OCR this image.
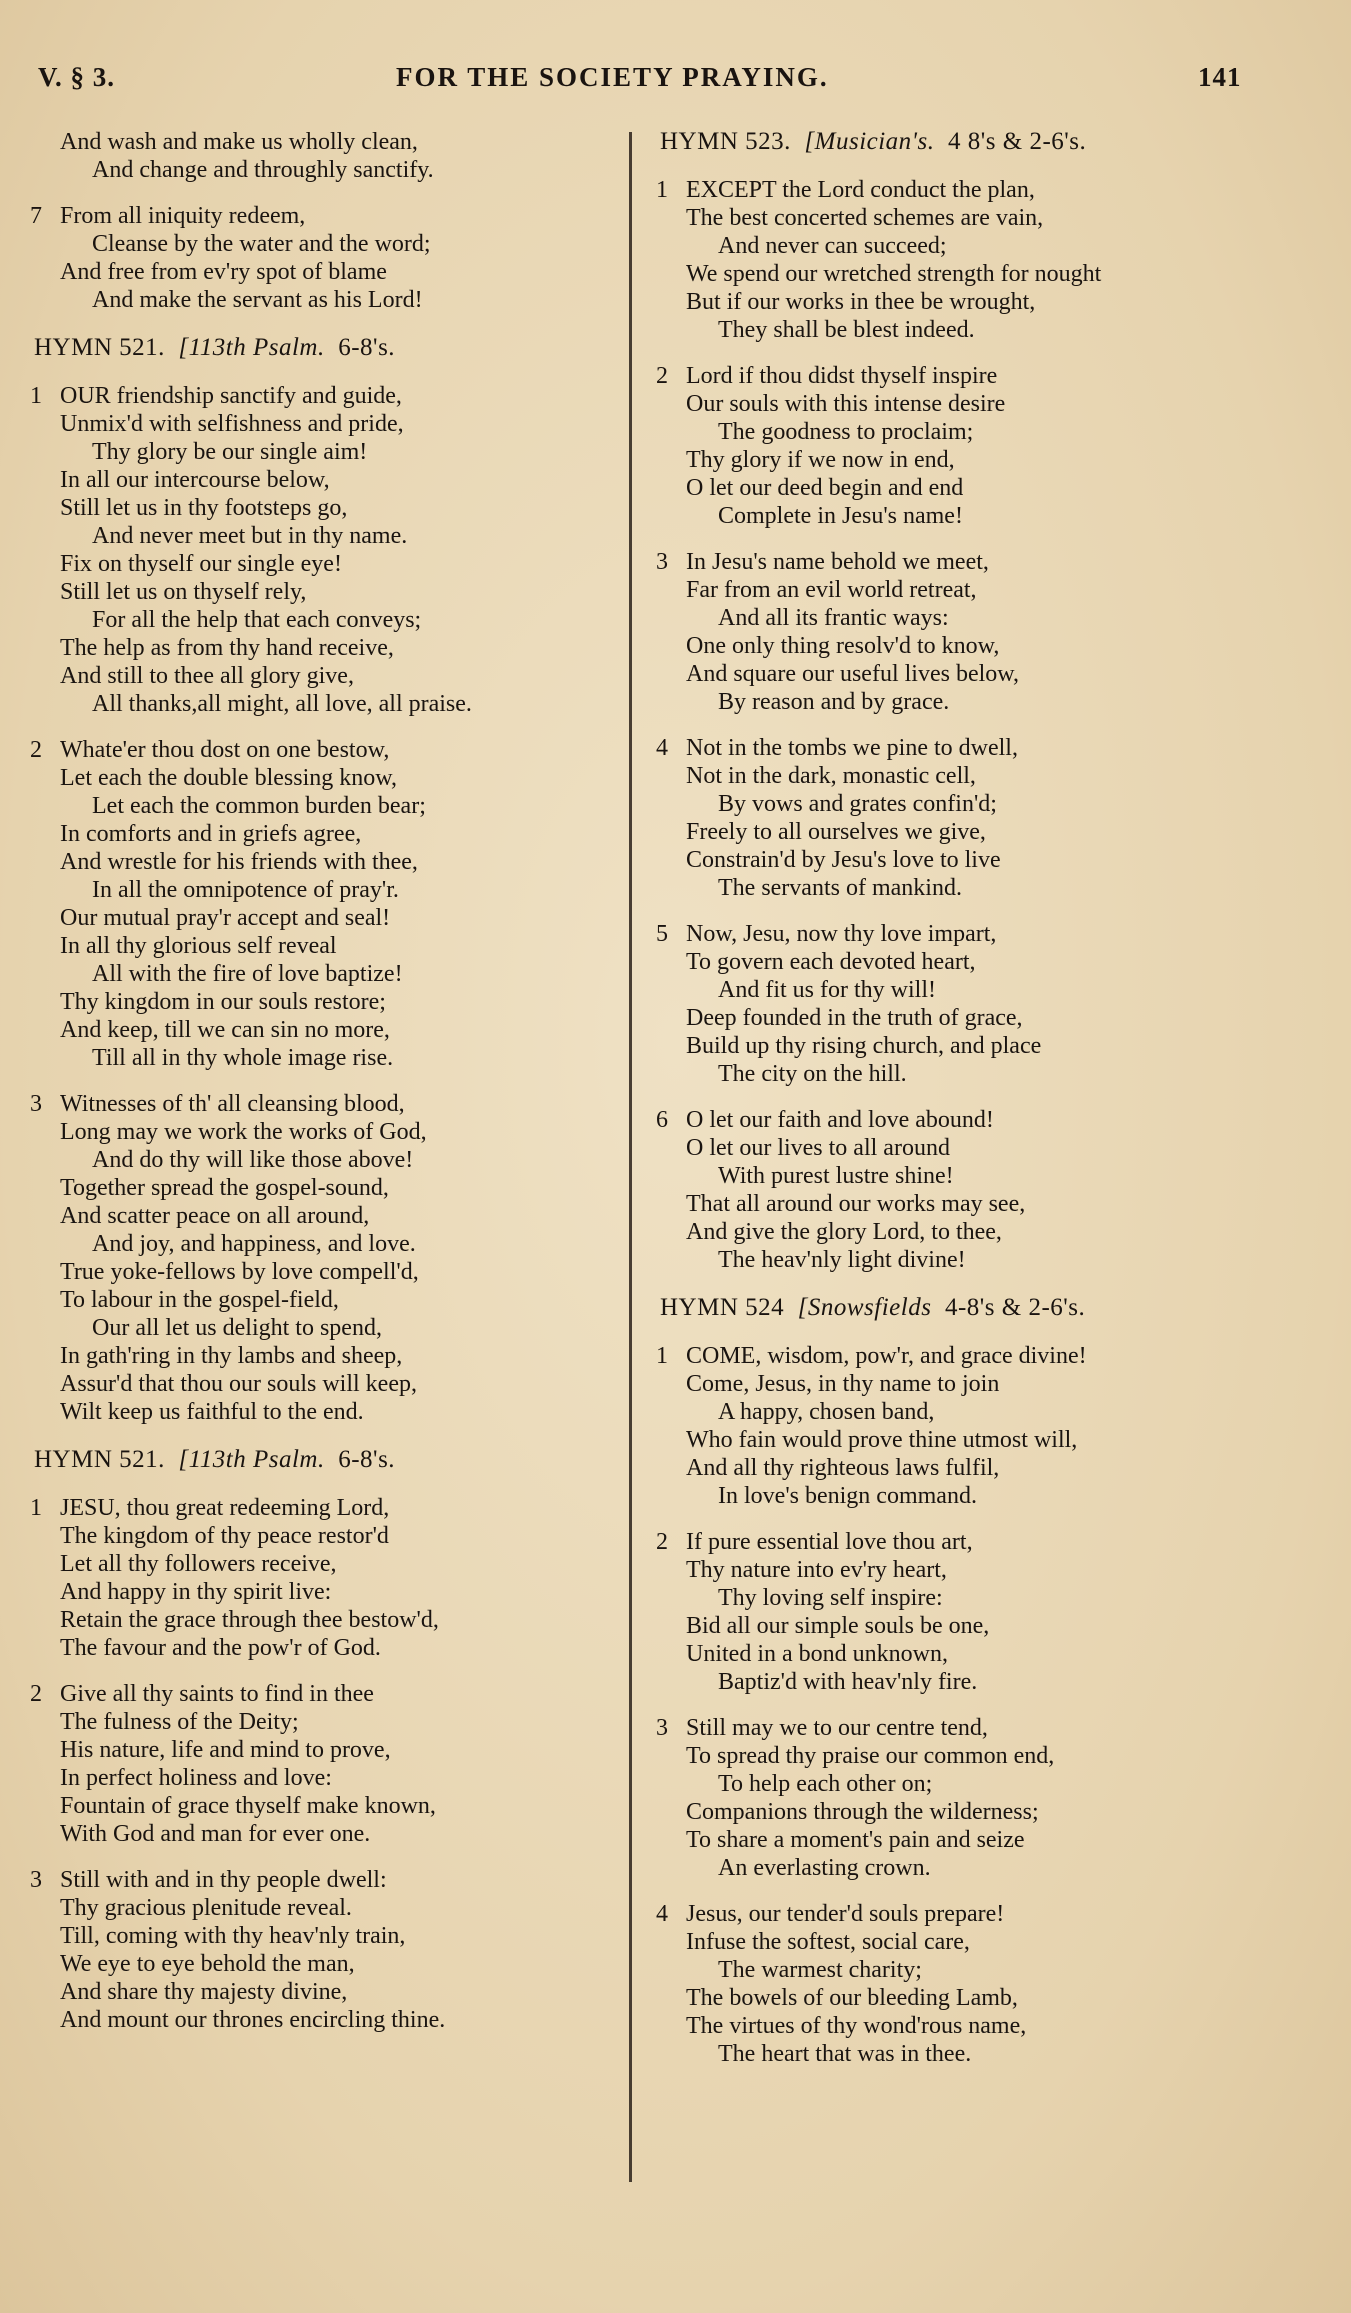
V. § 3.	FOR THE SOCIETY PRAYING.	141
And wash and make us wholly clean,
And change and throughly sanctify.
7 From all iniquity redeem,
Cleanse by the water and the word;
And free from ev'ry spot of blame
And make the servant as his Lord!
HYMN 521. [113th Psalm. 6-8's.
1 OUR friendship sanctify and guide,
Unmix'd with selfishness and pride,
Thy glory be our single aim!
In all our intercourse below,
Still let us in thy footsteps go,
And never meet but in thy name.
Fix on thyself our single eye!
Still let us on thyself rely,
For all the help that each conveys;
The help as from thy hand receive,
And still to thee all glory give,
All thanks,all might, all love, all praise.
2 Whate'er thou dost on one bestow,
Let each the double blessing know,
Let each the common burden bear;
In comforts and in griefs agree,
And wrestle for his friends with thee,
In all the omnipotence of pray'r.
Our mutual pray'r accept and seal!
In all thy glorious self reveal
All with the fire of love baptize!
Thy kingdom in our souls restore;
And keep, till we can sin no more,
Till all in thy whole image rise.
3 Witnesses of th' all cleansing blood,
Long may we work the works of God,
And do thy will like those above!
Together spread the gospel-sound,
And scatter peace on all around,
And joy, and happiness, and love.
True yoke-fellows by love compell'd,
To labour in the gospel-field,
Our all let us delight to spend,
In gath'ring in thy lambs and sheep,
Assur'd that thou our souls will keep,
Wilt keep us faithful to the end.
HYMN 521. [113th Psalm. 6-8's.
1 JESU, thou great redeeming Lord,
The kingdom of thy peace restor'd
Let all thy followers receive,
And happy in thy spirit live:
Retain the grace through thee bestow'd,
The favour and the pow'r of God.
2 Give all thy saints to find in thee
The fulness of the Deity;
His nature, life and mind to prove,
In perfect holiness and love:
Fountain of grace thyself make known,
With God and man for ever one.
3 Still with and in thy people dwell:
Thy gracious plenitude reveal.
Till, coming with thy heav'nly train,
We eye to eye behold the man,
And share thy majesty divine,
And mount our thrones encircling thine.
HYMN 523. [Musician's. 4 8's & 2-6's.
1 EXCEPT the Lord conduct the plan,
The best concerted schemes are vain,
And never can succeed;
We spend our wretched strength for nought
But if our works in thee be wrought,
They shall be blest indeed.
2 Lord if thou didst thyself inspire
Our souls with this intense desire
The goodness to proclaim;
Thy glory if we now in end,
O let our deed begin and end
Complete in Jesu's name!
3 In Jesu's name behold we meet,
Far from an evil world retreat,
And all its frantic ways:
One only thing resolv'd to know,
And square our useful lives below,
By reason and by grace.
4 Not in the tombs we pine to dwell,
Not in the dark, monastic cell,
By vows and grates confin'd;
Freely to all ourselves we give,
Constrain'd by Jesu's love to live
The servants of mankind.
5 Now, Jesu, now thy love impart,
To govern each devoted heart,
And fit us for thy will!
Deep founded in the truth of grace,
Build up thy rising church, and place
The city on the hill.
6 O let our faith and love abound!
O let our lives to all around
With purest lustre shine!
That all around our works may see,
And give the glory Lord, to thee,
The heav'nly light divine!
HYMN 524 [Snowsfields 4-8's & 2-6's.
1 COME, wisdom, pow'r, and grace divine!
Come, Jesus, in thy name to join
A happy, chosen band,
Who fain would prove thine utmost will,
And all thy righteous laws fulfil,
In love's benign command.
2 If pure essential love thou art,
Thy nature into ev'ry heart,
Thy loving self inspire:
Bid all our simple souls be one,
United in a bond unknown,
Baptiz'd with heav'nly fire.
3 Still may we to our centre tend,
To spread thy praise our common end,
To help each other on;
Companions through the wilderness;
To share a moment's pain and seize
An everlasting crown.
4 Jesus, our tender'd souls prepare!
Infuse the softest, social care,
The warmest charity;
The bowels of our bleeding Lamb,
The virtues of thy wond'rous name,
The heart that was in thee.
